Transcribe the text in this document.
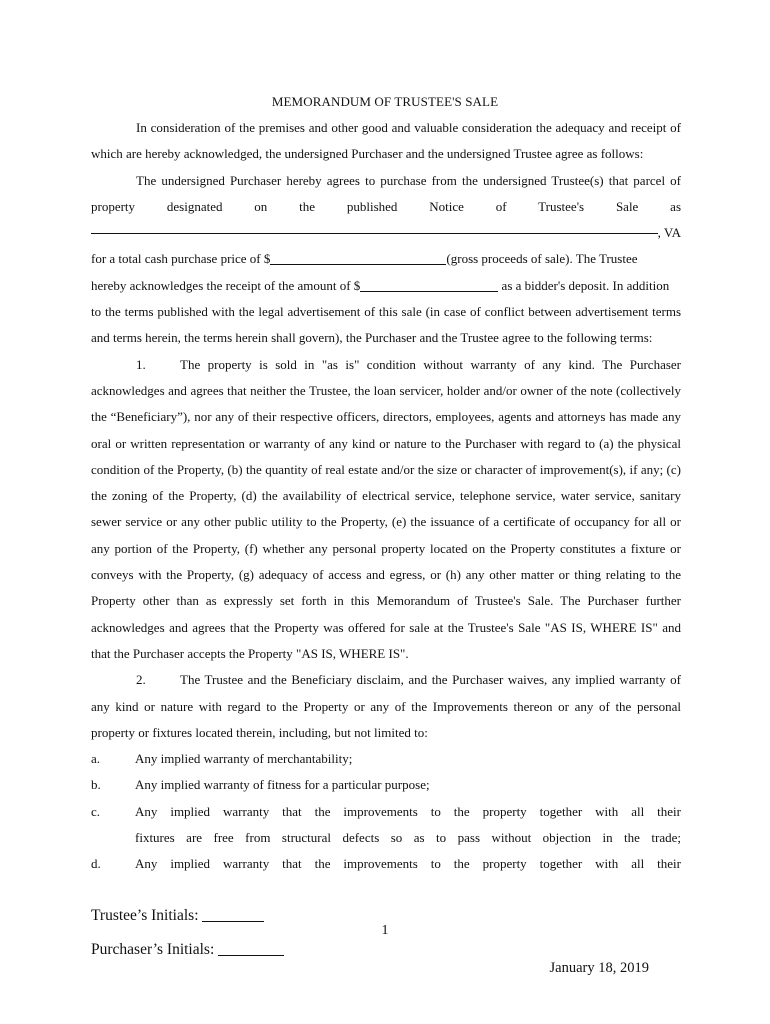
MEMORANDUM OF TRUSTEE'S SALE

In consideration of the premises and other good and valuable consideration the adequacy and receipt of which are hereby acknowledged, the undersigned Purchaser and the undersigned Trustee agree as follows:

The undersigned Purchaser hereby agrees to purchase from the undersigned Trustee(s) that parcel of

property designated on the published Notice of Trustee's Sale as

, VA
for a total cash purchase price of $	(gross proceeds of sale). The Trustee
hereby acknowledges the receipt of the amount of $	as a bidder's deposit. In addition

to the terms published with the legal advertisement of this sale (in case of conflict between advertisement terms and terms herein, the terms herein shall govern), the Purchaser and the Trustee agree to the following terms:

1.	The property is sold in "as is" condition without warranty of any kind. The Purchaser acknowledges and agrees that neither the Trustee, the loan servicer, holder and/or owner of the note (collectively the “Beneficiary”), nor any of their respective officers, directors, employees, agents and attorneys has made any oral or written representation or warranty of any kind or nature to the Purchaser with regard to (a) the physical condition of the Property, (b) the quantity of real estate and/or the size or character of improvement(s), if any; (c) the zoning of the Property, (d) the availability of electrical service, telephone service, water service, sanitary sewer service or any other public utility to the Property, (e) the issuance of a certificate of occupancy for all or any portion of the Property, (f) whether any personal property located on the Property constitutes a fixture or conveys with the Property, (g) adequacy of access and egress, or (h) any other matter or thing relating to the Property other than as expressly set forth in this Memorandum of Trustee's Sale. The Purchaser further acknowledges and agrees that the Property was offered for sale at the Trustee's Sale "AS IS, WHERE IS" and that the Purchaser accepts the Property "AS IS, WHERE IS".

2.	The Trustee and the Beneficiary disclaim, and the Purchaser waives, any implied warranty of any kind or nature with regard to the Property or any of the Improvements thereon or any of the personal property or fixtures located therein, including, but not limited to:

a.	Any implied warranty of merchantability;
b.	Any implied warranty of fitness for a particular purpose;
c.	Any implied warranty that the improvements to the property together with all their
fixtures are free from structural defects so as to pass without objection in the trade;
d.	Any implied warranty that the improvements to the property together with all their
Trustee’s Initials:
1
Purchaser’s Initials:
January 18, 2019
